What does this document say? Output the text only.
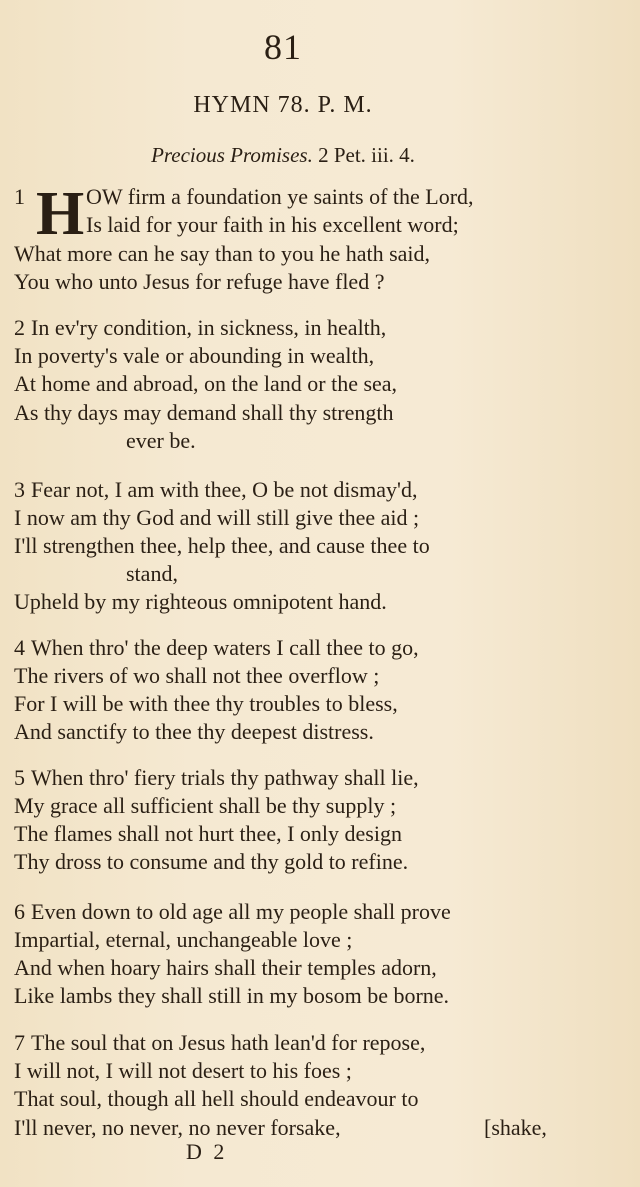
81
HYMN 78. P. M.
Precious Promises. 2 Pet. iii. 4.
1 H OW firm a foundation ye saints of the Lord,
Is laid for your faith in his excellent word;
What more can he say than to you he hath said,
You who unto Jesus for refuge have fled ?
2 In ev'ry condition, in sickness, in health,
In poverty's vale or abounding in wealth,
At home and abroad, on the land or the sea,
As thy days may demand shall thy strength
ever be.
3 Fear not, I am with thee, O be not dismay'd,
I now am thy God and will still give thee aid ;
I'll strengthen thee, help thee, and cause thee to
stand,
Upheld by my righteous omnipotent hand.
4 When thro' the deep waters I call thee to go,
The rivers of wo shall not thee overflow ;
For I will be with thee thy troubles to bless,
And sanctify to thee thy deepest distress.
5 When thro' fiery trials thy pathway shall lie,
My grace all sufficient shall be thy supply ;
The flames shall not hurt thee, I only design
Thy dross to consume and thy gold to refine.
6 Even down to old age all my people shall prove
Impartial, eternal, unchangeable love ;
And when hoary hairs shall their temples adorn,
Like lambs they shall still in my bosom be borne.
7 The soul that on Jesus hath lean'd for repose,
I will not, I will not desert to his foes ;
That soul, though all hell should endeavour to
I'll never, no never, no never forsake,	[shake,
D 2
